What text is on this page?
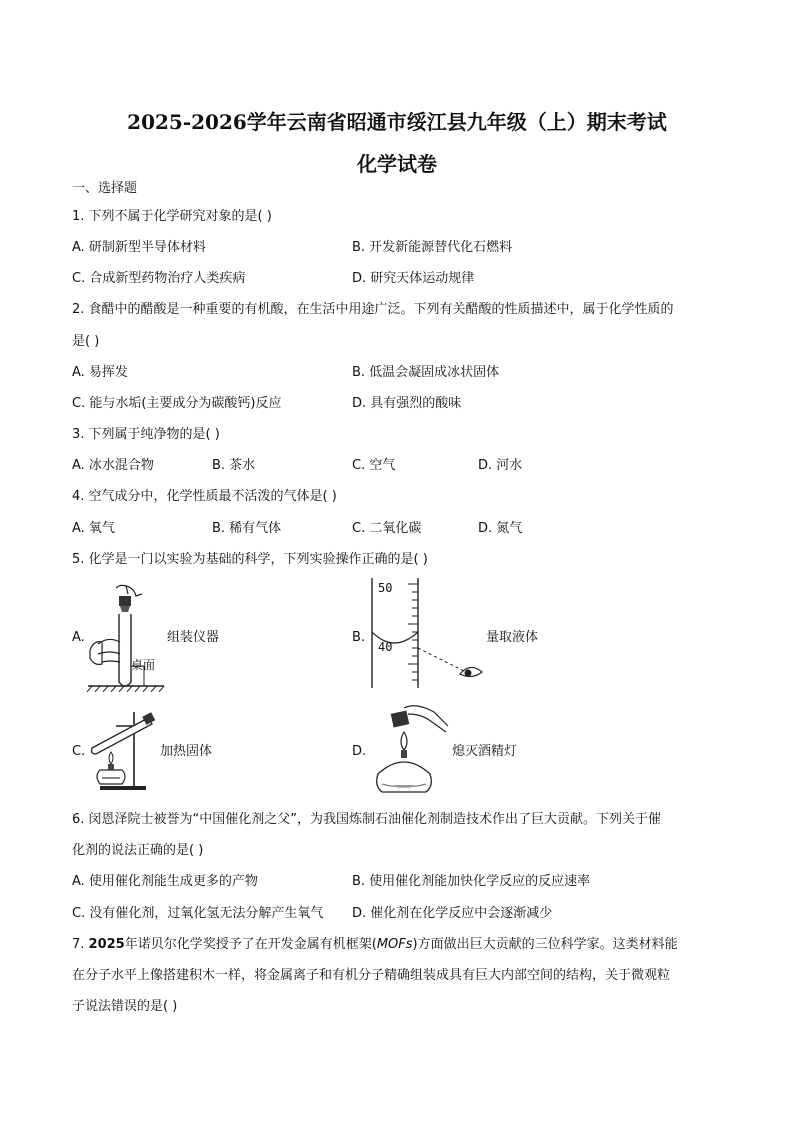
2025-2026学年云南省昭通市绥江县九年级（上）期末考试
化学试卷
一、选择题
1. 下列不属于化学研究对象的是( )
A. 研制新型半导体材料	B. 开发新能源替代化石燃料
C. 合成新型药物治疗人类疾病	D. 研究天体运动规律
2. 食醋中的醋酸是一种重要的有机酸，在生活中用途广泛。下列有关醋酸的性质描述中，属于化学性质的
是( )
A. 易挥发	B. 低温会凝固成冰状固体
C. 能与水垢(主要成分为碳酸钙)反应	D. 具有强烈的酸味
3. 下列属于纯净物的是( )
A. 冰水混合物	B. 茶水	C. 空气	D. 河水
4. 空气成分中，化学性质最不活泼的气体是( )
A. 氧气	B. 稀有气体	C. 二氧化碳	D. 氮气
5. 化学是一门以实验为基础的科学，下列实验操作正确的是( )
A.
桌面
组装仪器	B.
50
40
量取液体
C.	加热固体	D.	熄灭酒精灯
6. 闵恩泽院士被誉为“中国催化剂之父”，为我国炼制石油催化剂制造技术作出了巨大贡献。下列关于催
化剂的说法正确的是( )
A. 使用催化剂能生成更多的产物	B. 使用催化剂能加快化学反应的反应速率
C. 没有催化剂，过氧化氢无法分解产生氧气 D. 催化剂在化学反应中会逐渐减少
7. 2025年诺贝尔化学奖授予了在开发金属有机框架(MOFs)方面做出巨大贡献的三位科学家。这类材料能
在分子水平上像搭建积木一样，将金属离子和有机分子精确组装成具有巨大内部空间的结构，关于微观粒
子说法错误的是( )
